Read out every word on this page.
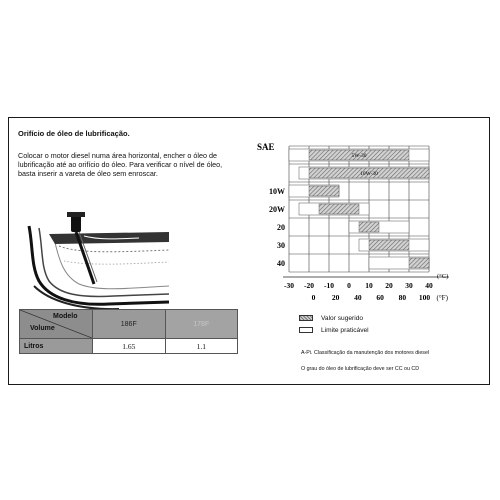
Orifício de óleo de lubrificação.
Colocar o motor diesel numa área horizontal, encher o óleo de lubrificação até ao orifício do óleo. Para verificar o nível de óleo, basta inserir a vareta de óleo sem enroscar.
Modelo
Volume	186F	178F
Litros	1.65	1.1
SAE
5W-30
10W-30
10W
20W
20
30
40
-30 -20 -10 0 10 20 30 40
(°C)
0 20 40 60 80 100 (°F)
Valor sugerido
Limite praticável
A-Pi. Classificação da manutenção dos motores diesel
O grau do óleo de lubrificação deve ser CC ou CD
